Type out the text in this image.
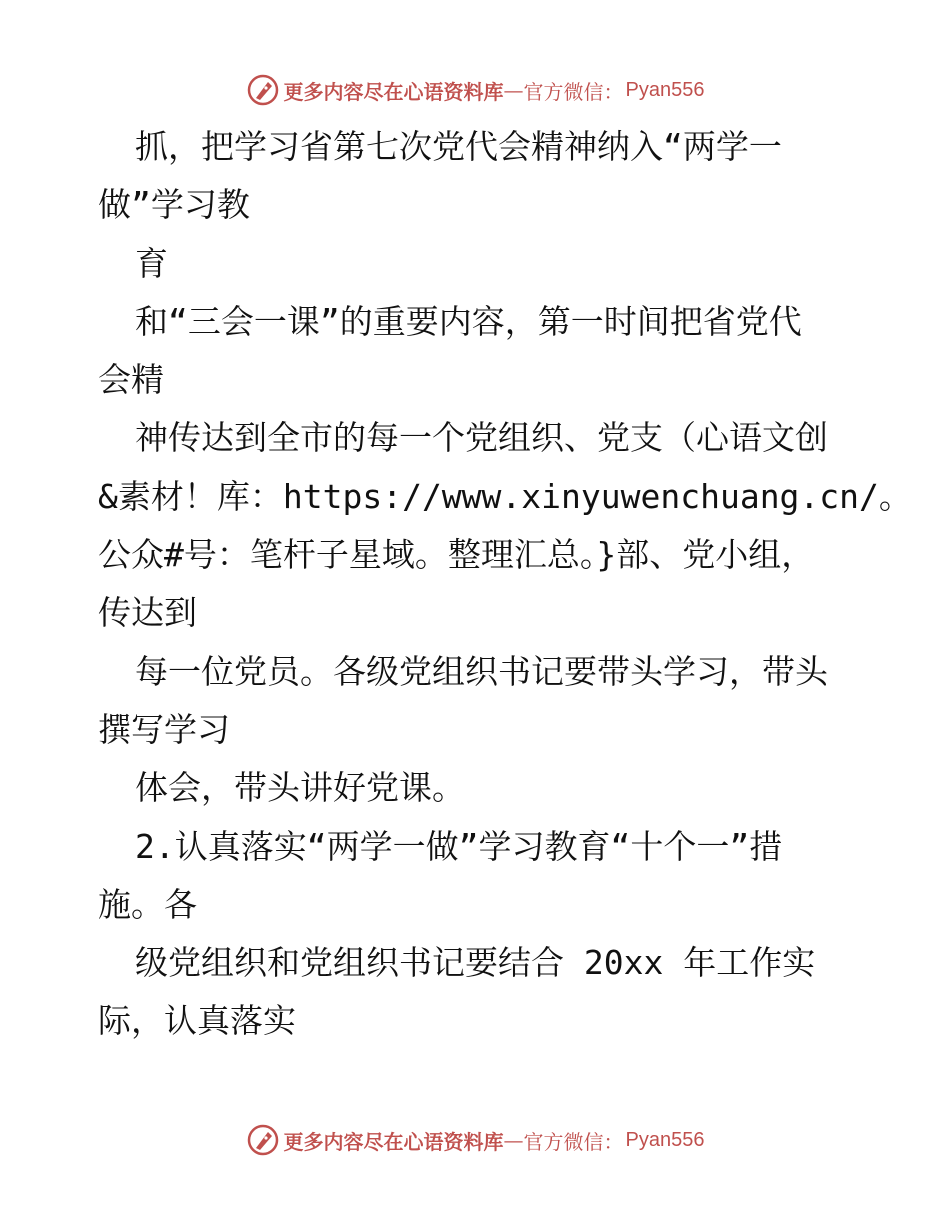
更多内容尽在心语资料库 — 官方微信： Pyan556
抓，把学习省第七次党代会精神纳入“两学一
做”学习教
育
和“三会一课”的重要内容，第一时间把省党代
会精
神传达到全市的每一个党组织、党支（心语文创
&素材！库：https://www.xinyuwenchuang.cn/。
公众#号：笔杆子星域。整理汇总。}部、党小组，
传达到
每一位党员。各级党组织书记要带头学习，带头
撰写学习
体会，带头讲好党课。
2.认真落实“两学一做”学习教育“十个一”措
施。各
级党组织和党组织书记要结合 20xx 年工作实
际，认真落实
更多内容尽在心语资料库 — 官方微信： Pyan556
